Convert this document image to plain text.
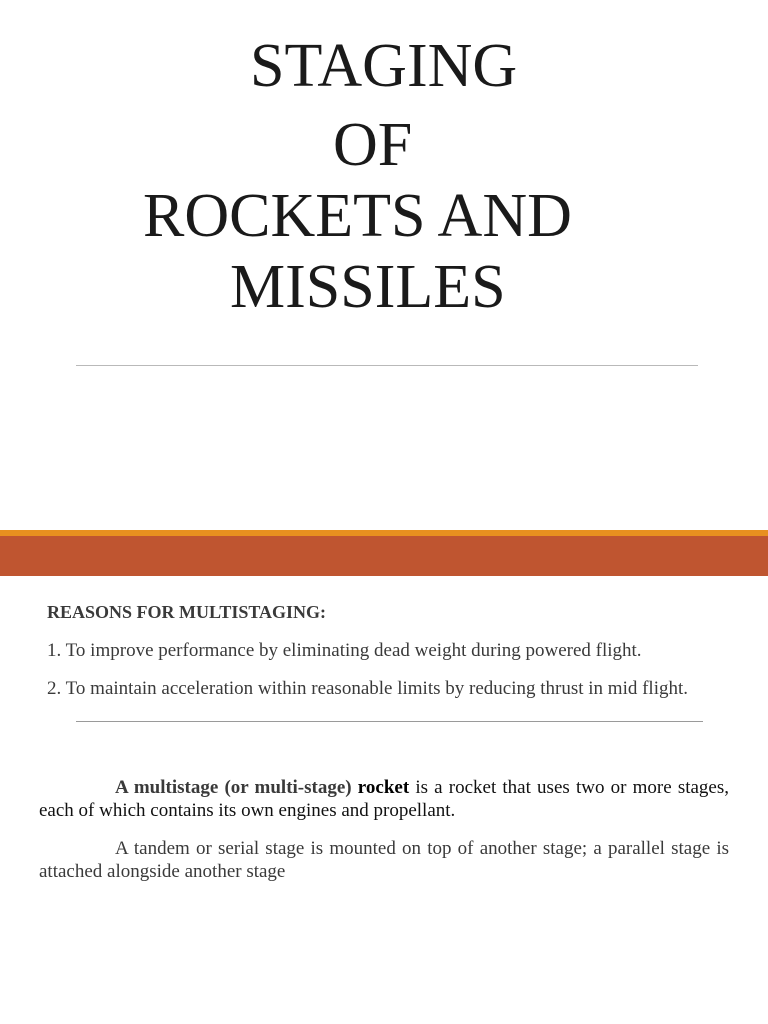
STAGING
OF
ROCKETS AND
MISSILES
REASONS FOR MULTISTAGING:
1. To improve performance by eliminating dead weight during powered flight.
2. To maintain acceleration within reasonable limits by reducing thrust in mid flight.
A multistage (or multi-stage) rocket is a rocket that uses two or more stages, each of which contains its own engines and propellant.
A tandem or serial stage is mounted on top of another stage; a parallel stage is attached alongside another stage
